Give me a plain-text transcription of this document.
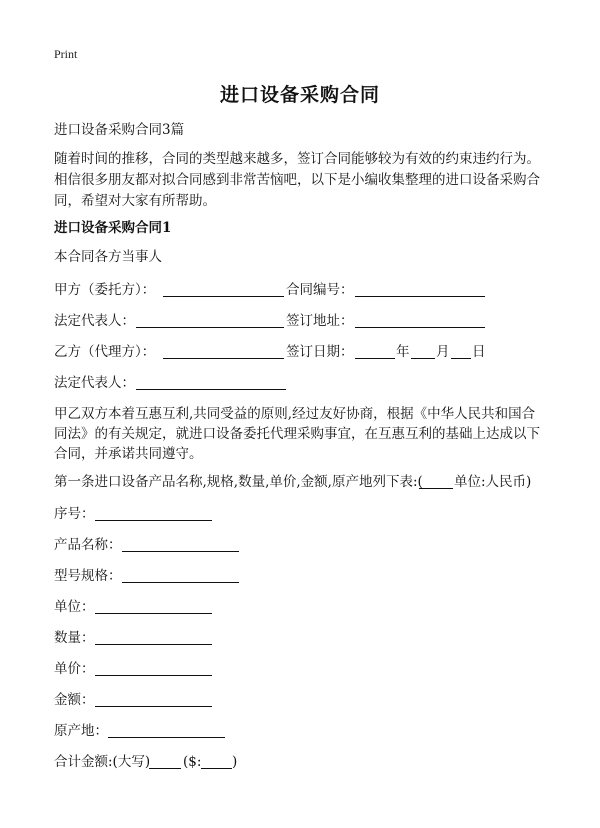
Print
进口设备采购合同
进口设备采购合同3篇
随着时间的推移，合同的类型越来越多，签订合同能够较为有效的约束违约行为。
相信很多朋友都对拟合同感到非常苦恼吧，以下是小编收集整理的进口设备采购合
同，希望对大家有所帮助。
进口设备采购合同1
本合同各方当事人
甲方（委托方）：	合同编号：
法定代表人：	签订地址：
乙方（代理方）：	签订日期：	年 月 日
法定代表人：
甲乙双方本着互惠互利,共同受益的原则,经过友好协商，根据《中华人民共和国合
同法》的有关规定，就进口设备委托代理采购事宜，在互惠互利的基础上达成以下
合同，并承诺共同遵守。
第一条进口设备产品名称,规格,数量,单价,金额,原产地列下表:( 单位:人民币)
序号：
产品名称：
型号规格：
单位：
数量：
单价：
金额：
原产地：
合计金额:(大写) ($: )
